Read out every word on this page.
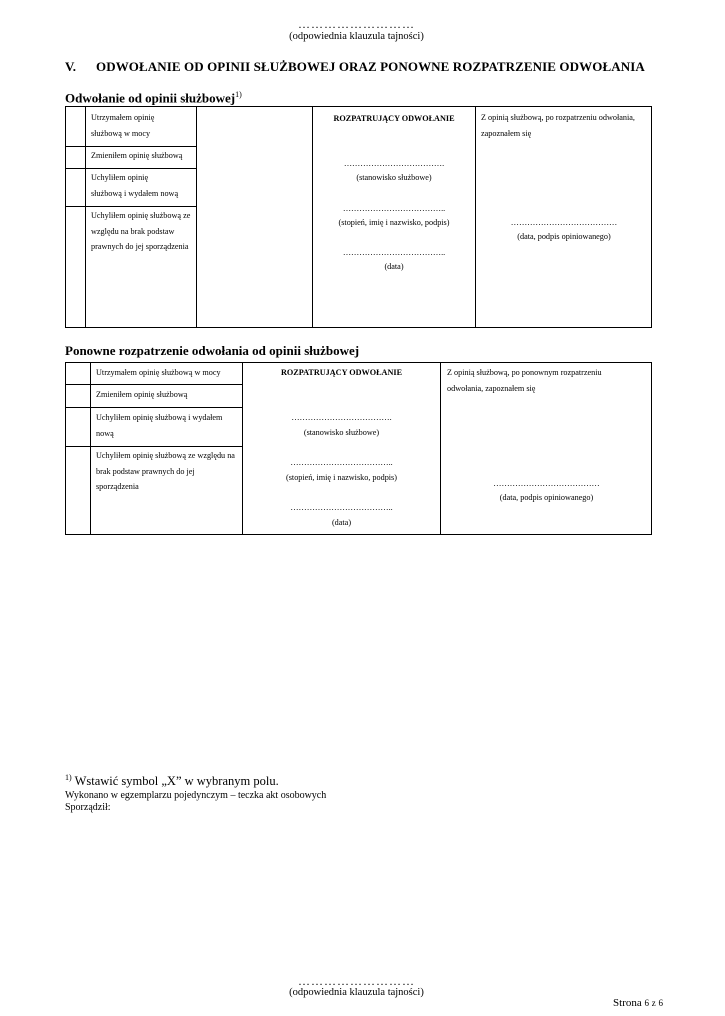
………………………
(odpowiednia klauzula tajności)
V. ODWOŁANIE OD OPINII SŁUŻBOWEJ ORAZ PONOWNE ROZPATRZENIE ODWOŁANIA
Odwołanie od opinii służbowej$^{1)}$
Utrzymałem opinię służbową w mocy
Zmieniłem opinię służbową
Uchyliłem opinię służbową i wydałem nową
Uchyliłem opinię służbową ze względu na brak podstaw prawnych do jej sporządzenia
ROZPATRUJĄCY ODWOŁANIE
……………………………….
(stanowisko służbowe)
………………………………..
(stopień, imię i nazwisko, podpis)
………………………………..
(data)
Z opinią służbową, po rozpatrzeniu odwołania, zapoznałem się
…………………………………
(data, podpis opiniowanego)
Ponowne rozpatrzenie odwołania od opinii służbowej
Utrzymałem opinię służbową w mocy
Zmieniłem opinię służbową
Uchyliłem opinię służbową i wydałem nową
Uchyliłem opinię służbową ze względu na brak podstaw prawnych do jej sporządzenia
ROZPATRUJĄCY ODWOŁANIE
……………………………….
(stanowisko służbowe)
………………………………..
(stopień, imię i nazwisko, podpis)
………………………………..
(data)
Z opinią służbową, po ponownym rozpatrzeniu odwołania, zapoznałem się
…………………………………
(data, podpis opiniowanego)
$^{1)}$ Wstawić symbol „X” w wybranym polu.
Wykonano w egzemplarzu pojedynczym – teczka akt osobowych
Sporządził:
………………………
(odpowiednia klauzula tajności)
Strona 6 z 6
